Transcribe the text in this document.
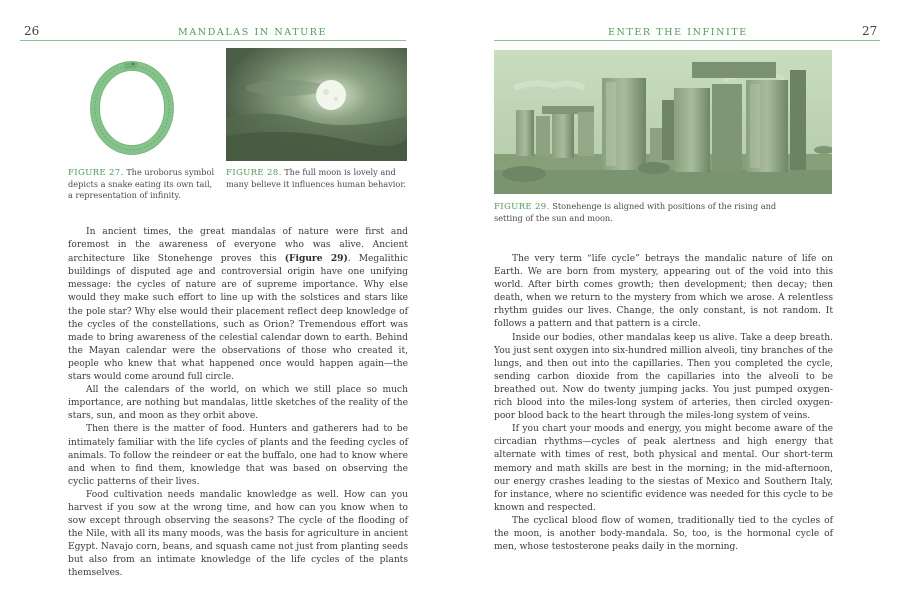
26	MANDALAS IN NATURE
FIGURE 27. The uroborus symbol depicts a snake eating its own tail, a representation of infinity.
FIGURE 28. The full moon is lovely and many believe it influences human behavior.

In ancient times, the great mandalas of nature were first and foremost in the awareness of everyone who was alive. Ancient architecture like Stonehenge proves this (Figure 29). Megalithic buildings of disputed age and controversial origin have one unifying message: the cycles of nature are of supreme importance. Why else would they make such effort to line up with the solstices and stars like the pole star? Why else would their placement reflect deep knowledge of the cycles of the constellations, such as Orion? Tremendous effort was made to bring awareness of the celestial calendar down to earth. Behind the Mayan calendar were the observations of those who created it, people who knew that what happened once would happen again—the stars would come around full circle.

All the calendars of the world, on which we still place so much importance, are nothing but mandalas, little sketches of the reality of the stars, sun, and moon as they orbit above.

Then there is the matter of food. Hunters and gatherers had to be intimately familiar with the life cycles of plants and the feeding cycles of animals. To follow the reindeer or eat the buffalo, one had to know where and when to find them, knowledge that was based on observing the cyclic patterns of their lives.

Food cultivation needs mandalic knowledge as well. How can you harvest if you sow at the wrong time, and how can you know when to sow except through observing the seasons? The cycle of the flooding of the Nile, with all its many moods, was the basis for agriculture in ancient Egypt. Navajo corn, beans, and squash came not just from planting seeds but also from an intimate knowledge of the life cycles of the plants themselves.

ENTER THE INFINITE	27
FIGURE 29. Stonehenge is aligned with positions of the rising and setting of the sun and moon.

The very term “life cycle” betrays the mandalic nature of life on Earth. We are born from mystery, appearing out of the void into this world. After birth comes growth; then development; then decay; then death, when we return to the mystery from which we arose. A relentless rhythm guides our lives. Change, the only constant, is not random. It follows a pattern and that pattern is a circle.

Inside our bodies, other mandalas keep us alive. Take a deep breath. You just sent oxygen into six-hundred million alveoli, tiny branches of the lungs, and then out into the capillaries. Then you completed the cycle, sending carbon dioxide from the capillaries into the alveoli to be breathed out. Now do twenty jumping jacks. You just pumped oxygen-rich blood into the miles-long system of arteries, then circled oxygen-poor blood back to the heart through the miles-long system of veins.

If you chart your moods and energy, you might become aware of the circadian rhythms—cycles of peak alertness and high energy that alternate with times of rest, both physical and mental. Our short-term memory and math skills are best in the morning; in the mid-afternoon, our energy crashes leading to the siestas of Mexico and Southern Italy, for instance, where no scientific evidence was needed for this cycle to be known and respected.

The cyclical blood flow of women, traditionally tied to the cycles of the moon, is another body-mandala. So, too, is the hormonal cycle of men, whose testosterone peaks daily in the morning.
